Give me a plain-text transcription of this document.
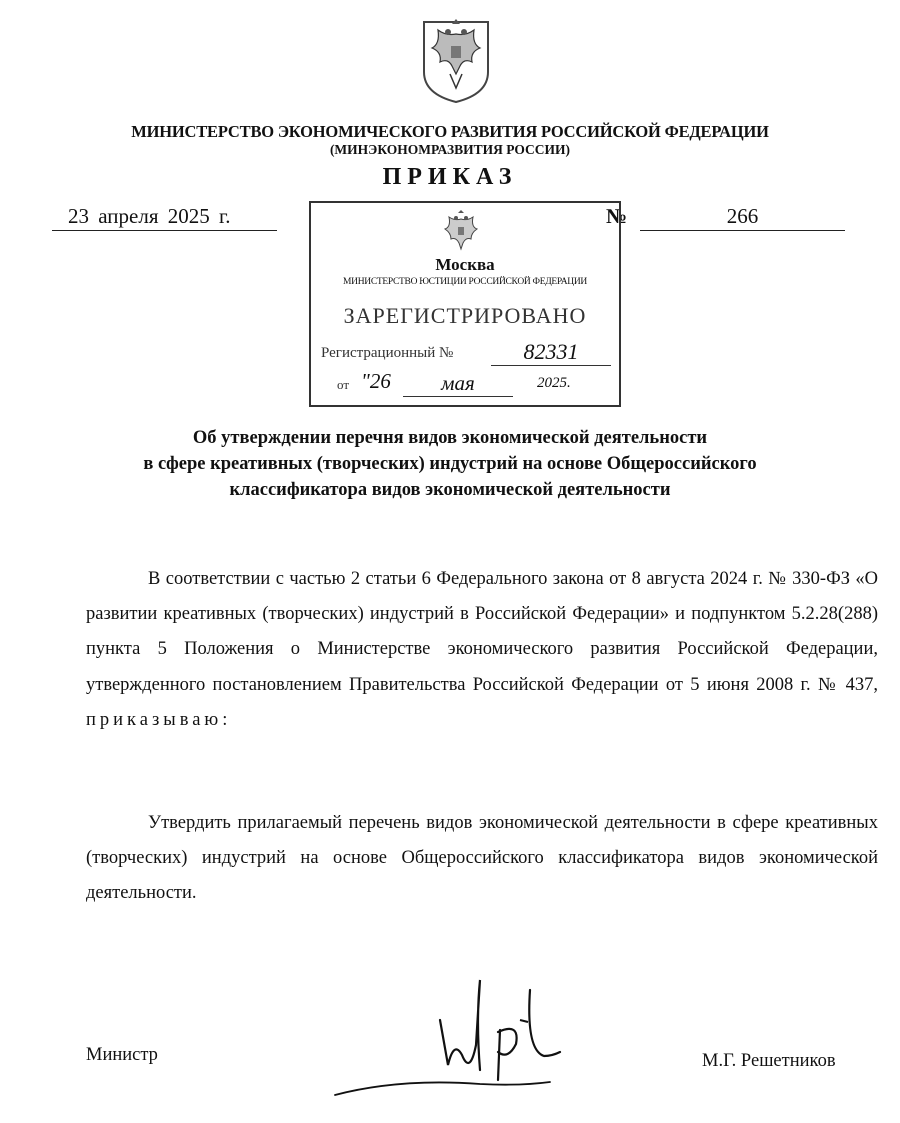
МИНИСТЕРСТВО ЭКОНОМИЧЕСКОГО РАЗВИТИЯ РОССИЙСКОЙ ФЕДЕРАЦИИ
(МИНЭКОНОМРАЗВИТИЯ РОССИИ)
ПРИКАЗ
23 апреля 2025 г.	№	266
Москва
МИНИСТЕРСТВО ЮСТИЦИИ РОССИЙСКОЙ ФЕДЕРАЦИИ
ЗАРЕГИСТРИРОВАНО
Регистрационный №	82331
от "26	мая	2025.
Об утверждении перечня видов экономической деятельности
в сфере креативных (творческих) индустрий на основе Общероссийского
классификатора видов экономической деятельности
В соответствии с частью 2 статьи 6 Федерального закона от 8 августа 2024 г. № 330-ФЗ «О развитии креативных (творческих) индустрий в Российской Федерации» и подпунктом 5.2.28(288) пункта 5 Положения о Министерстве экономического развития Российской Федерации, утвержденного постановлением Правительства Российской Федерации от 5 июня 2008 г. № 437, приказываю:
Утвердить прилагаемый перечень видов экономической деятельности в сфере креативных (творческих) индустрий на основе Общероссийского классификатора видов экономической деятельности.
Министр	М.Г. Решетников
